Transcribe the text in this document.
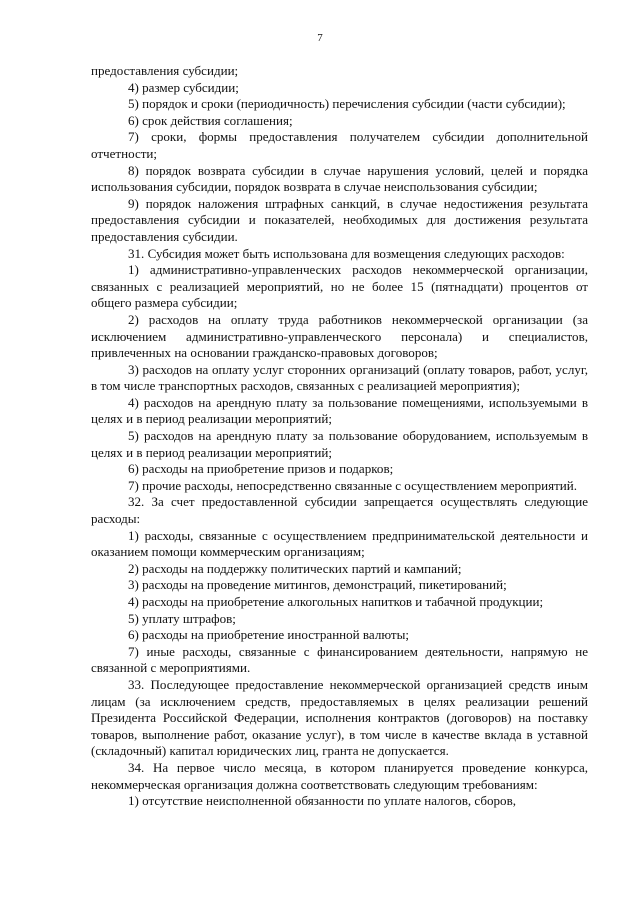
7

предоставления субсидии;

4) размер субсидии;

5) порядок и сроки (периодичность) перечисления субсидии (части субсидии);

6) срок действия соглашения;

7) сроки, формы предоставления получателем субсидии дополнительной отчетности;

8) порядок возврата субсидии в случае нарушения условий, целей и порядка использования субсидии, порядок возврата в случае неиспользования субсидии;

9) порядок наложения штрафных санкций, в случае недостижения результата предоставления субсидии и показателей, необходимых для достижения результата предоставления субсидии.

31. Субсидия может быть использована для возмещения следующих расходов:

1) административно-управленческих расходов некоммерческой организации, связанных с реализацией мероприятий, но не более 15 (пятнадцати) процентов от общего размера субсидии;

2) расходов на оплату труда работников некоммерческой организации (за исключением административно-управленческого персонала) и специалистов, привлеченных на основании гражданско-правовых договоров;

3) расходов на оплату услуг сторонних организаций (оплату товаров, работ, услуг, в том числе транспортных расходов, связанных с реализацией мероприятия);

4) расходов на арендную плату за пользование помещениями, используемыми в целях и в период реализации мероприятий;

5) расходов на арендную плату за пользование оборудованием, используемым в целях и в период реализации мероприятий;

6) расходы на приобретение призов и подарков;

7) прочие расходы, непосредственно связанные с осуществлением мероприятий.

32. За счет предоставленной субсидии запрещается осуществлять следующие расходы:

1) расходы, связанные с осуществлением предпринимательской деятельности и оказанием помощи коммерческим организациям;

2) расходы на поддержку политических партий и кампаний;

3) расходы на проведение митингов, демонстраций, пикетирований;

4) расходы на приобретение алкогольных напитков и табачной продукции;

5) уплату штрафов;

6) расходы на приобретение иностранной валюты;

7) иные расходы, связанные с финансированием деятельности, напрямую не связанной с мероприятиями.

33. Последующее предоставление некоммерческой организацией средств иным лицам (за исключением средств, предоставляемых в целях реализации решений Президента Российской Федерации, исполнения контрактов (договоров) на поставку товаров, выполнение работ, оказание услуг), в том числе в качестве вклада в уставной (складочный) капитал юридических лиц, гранта не допускается.

34. На первое число месяца, в котором планируется проведение конкурса, некоммерческая организация должна соответствовать следующим требованиям:

1) отсутствие неисполненной обязанности по уплате налогов, сборов,
